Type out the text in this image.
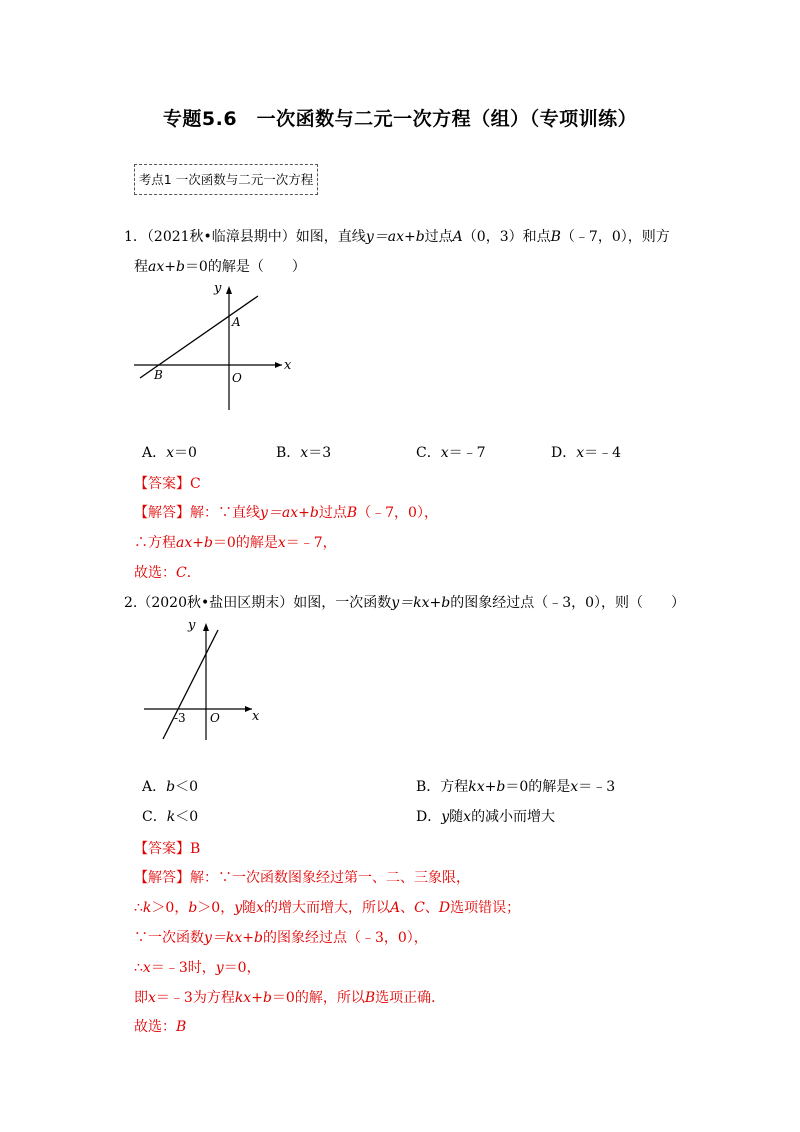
专题5.6　一次函数与二元一次方程（组）（专项训练）
考点1 一次函数与二元一次方程
1．（2021秋•临漳县期中）如图，直线y＝ax+b过点A（0，3）和点B（﹣7，0），则方
程ax+b＝0的解是（　　）
y
x
A
O
B
A．x＝0	B．x＝3	C．x＝﹣7	D．x＝﹣4
【答案】C
【解答】解：∵直线y＝ax+b过点B（﹣7，0），
∴方程ax+b＝0的解是x＝﹣7，
故选：C．
2.（2020秋•盐田区期末）如图，一次函数y＝kx+b的图象经过点（﹣3，0），则（　　）
y
x
O
-3
A．b＜0	B．方程kx+b＝0的解是x＝﹣3
C．k＜0	D．y随x的减小而增大
【答案】B
【解答】解：∵一次函数图象经过第一、二、三象限，
∴k＞0，b＞0，y随x的增大而增大，所以A、C、D选项错误；
∵一次函数y＝kx+b的图象经过点（﹣3，0），
∴x＝﹣3时，y＝0，
即x＝﹣3为方程kx+b＝0的解，所以B选项正确．
故选：B
